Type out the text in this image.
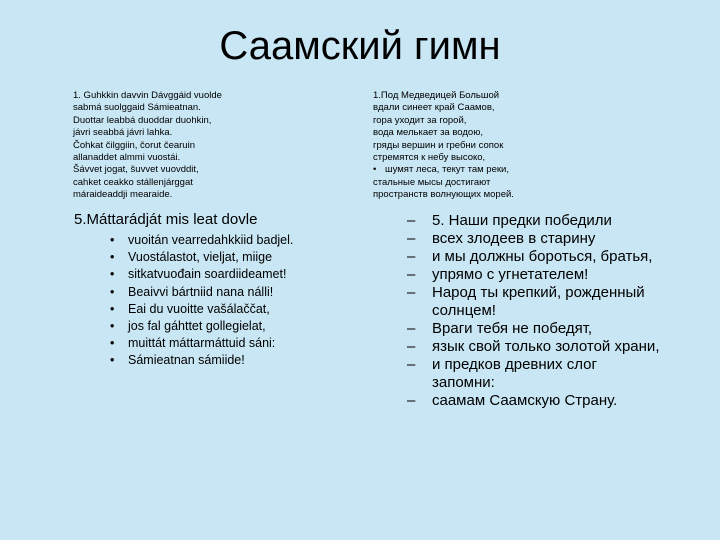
Саамский гимн
1. Guhkkin davvin Dávggáid vuolde
sabmá suolggaid Sámieatnan.
Duottar leabbá duoddar duohkin,
jávri seabbá jávri lahka.
Čohkat čilggiin, čorut čearuin
allanaddet almmi vuostái.
Šávvet jogat, šuvvet vuovddit,
cahket ceakko stállenjárggat
máraideaddji mearaide.
1.Под Медведицей Большой
вдали синеет край Саамов,
гора уходит за горой,
вода мелькает за водою,
гряды вершин и гребни сопок
стремятся к небу высоко,
• шумят леса, текут там реки,
стальные мысы достигают
пространств волнующих морей.
5.Máttarádját mis leat dovle
• vuoitán vearredahkkiid badjel.
• Vuostálastot, vieljat, miige
• sitkatvuođain soardiideamet!
• Beaivvi bártniid nana nálli!
• Eai du vuoitte vašálaččat,
• jos fal gáhttet gollegielat,
• muittát máttarmáttuid sáni:
• Sámieatnan sámiide!
– 5. Наши предки победили
– всех злодеев в старину
– и мы должны бороться, братья,
– упрямо с угнетателем!
– Народ ты крепкий, рожденный
солнцем!
– Враги тебя не победят,
– язык свой только золотой храни,
– и предков древних слог
запомни:
– саамам Саамскую Страну.
